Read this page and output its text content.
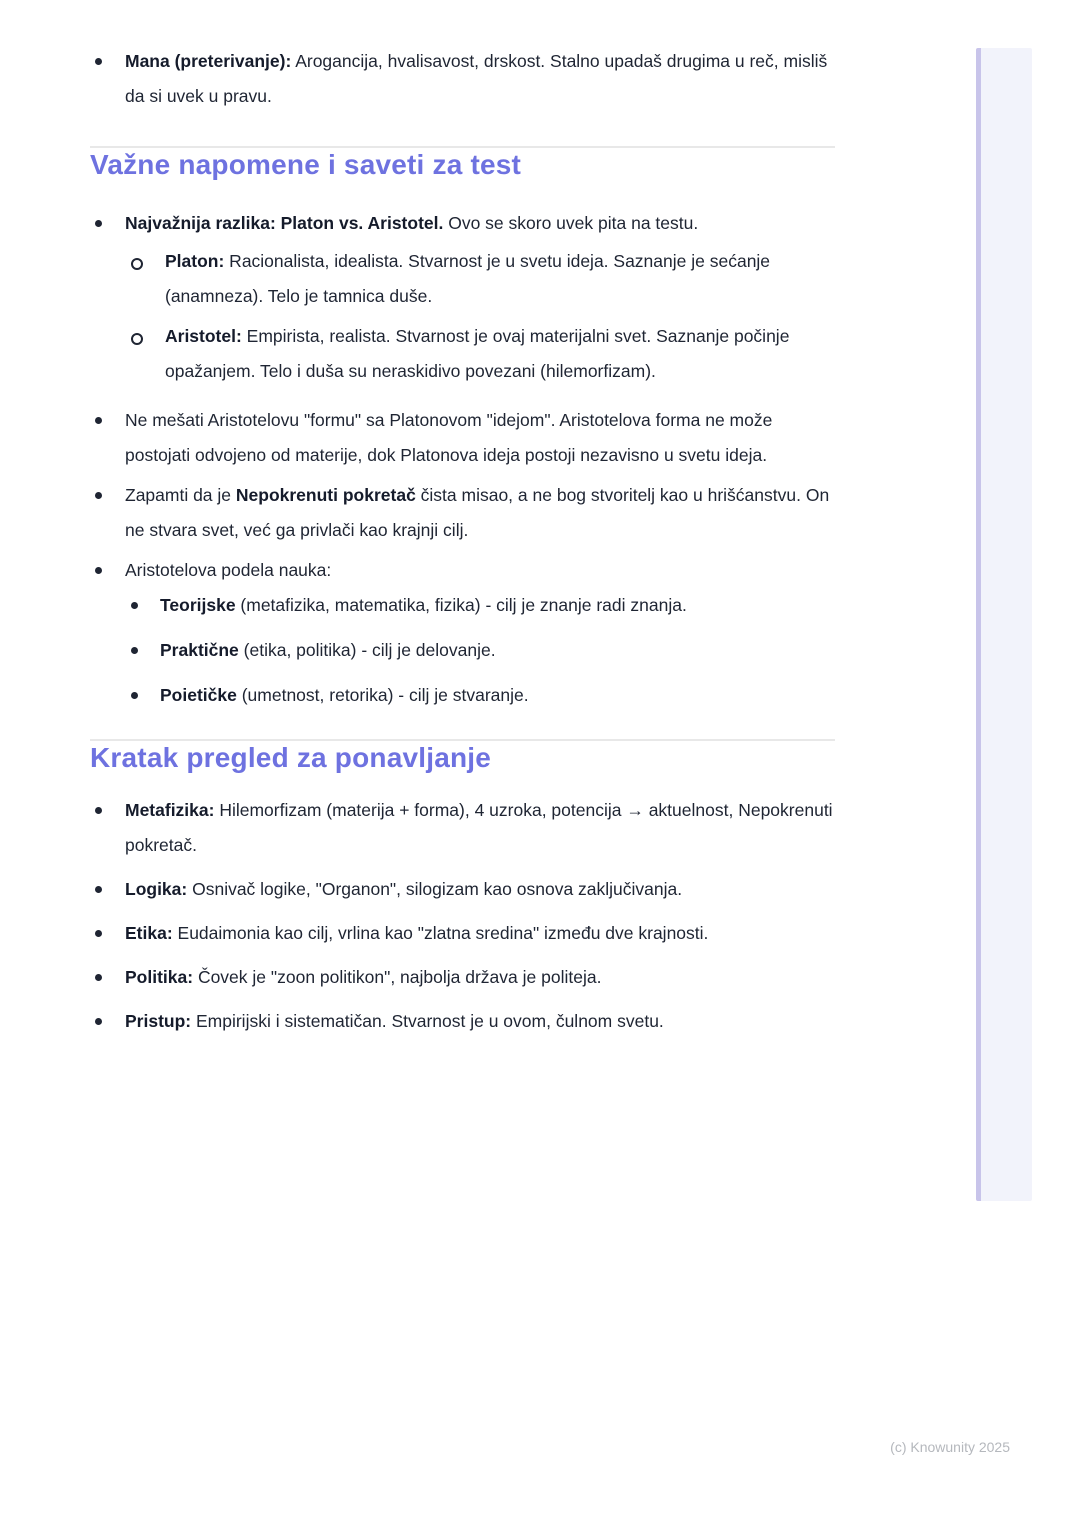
Mana (preterivanje): Arogancija, hvalisavost, drskost. Stalno upadaš drugima u reč, misliš da si uvek u pravu.

Važne napomene i saveti za test

Najvažnija razlika: Platon vs. Aristotel. Ovo se skoro uvek pita na testu.

Platon: Racionalista, idealista. Stvarnost je u svetu ideja. Saznanje je sećanje (anamneza). Telo je tamnica duše.

Aristotel: Empirista, realista. Stvarnost je ovaj materijalni svet. Saznanje počinje opažanjem. Telo i duša su neraskidivo povezani (hilemorfizam).

Ne mešati Aristotelovu "formu" sa Platonovom "idejom". Aristotelova forma ne može postojati odvojeno od materije, dok Platonova ideja postoji nezavisno u svetu ideja.

Zapamti da je Nepokrenuti pokretač čista misao, a ne bog stvoritelj kao u hrišćanstvu. On ne stvara svet, već ga privlači kao krajnji cilj.

Aristotelova podela nauka:

Teorijske (metafizika, matematika, fizika) - cilj je znanje radi znanja.

Praktične (etika, politika) - cilj je delovanje.

Poietičke (umetnost, retorika) - cilj je stvaranje.

Kratak pregled za ponavljanje

Metafizika: Hilemorfizam (materija + forma), 4 uzroka, potencija → aktuelnost, Nepokrenuti pokretač.

Logika: Osnivač logike, "Organon", silogizam kao osnova zaključivanja.

Etika: Eudaimonia kao cilj, vrlina kao "zlatna sredina" između dve krajnosti.

Politika: Čovek je "zoon politikon", najbolja država je politeja.

Pristup: Empirijski i sistematičan. Stvarnost je u ovom, čulnom svetu.

(c) Knowunity 2025
